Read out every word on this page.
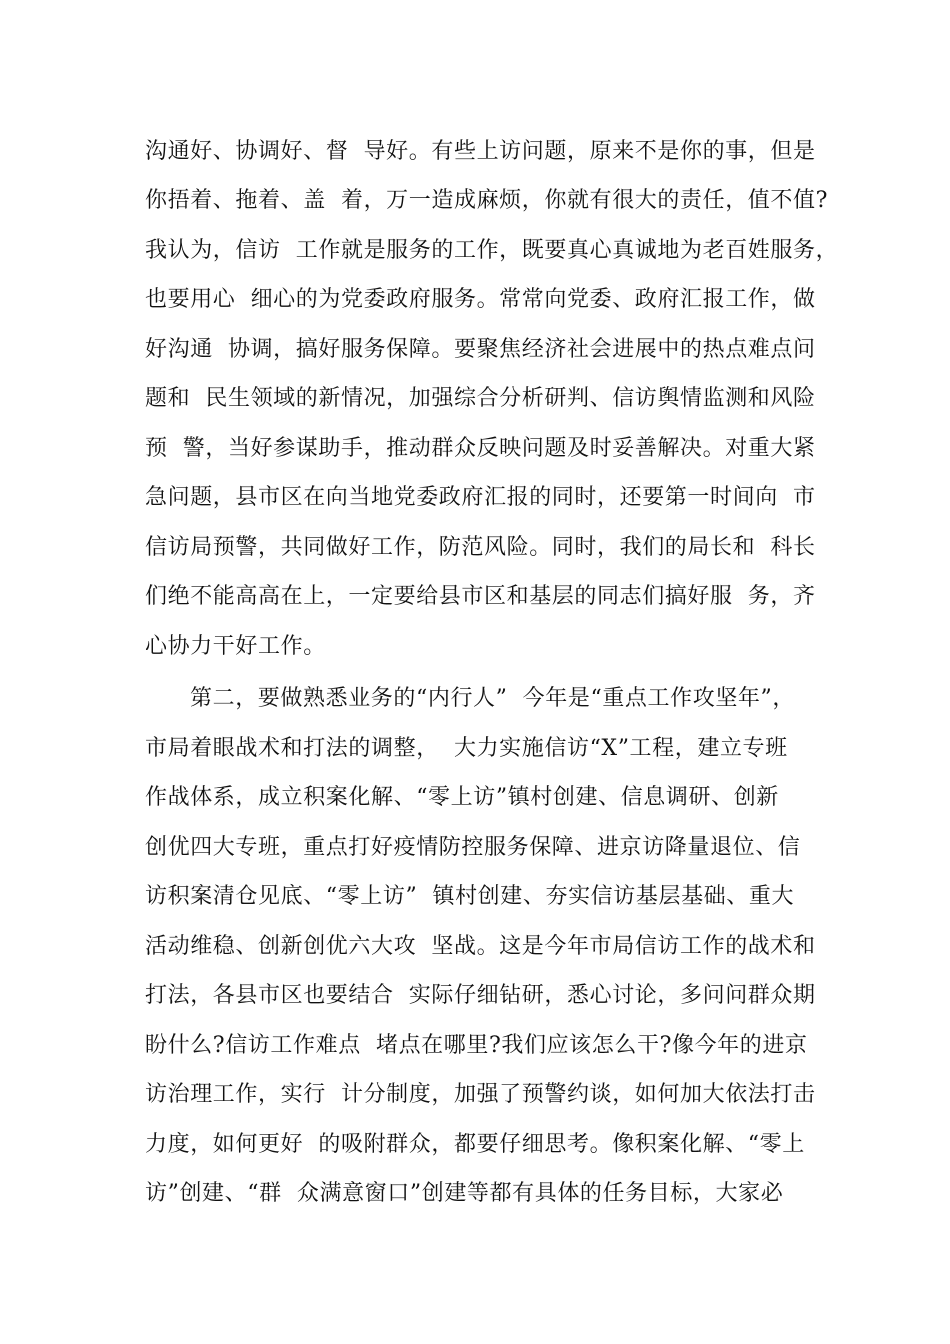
沟通好、协调好、督  导好。有些上访问题，原来不是你的事，但是
你捂着、拖着、盖  着，万一造成麻烦，你就有很大的责任，值不值?
我认为，信访  工作就是服务的工作，既要真心真诚地为老百姓服务，
也要用心  细心的为党委政府服务。常常向党委、政府汇报工作，做
好沟通  协调，搞好服务保障。要聚焦经济社会进展中的热点难点问
题和  民生领域的新情况，加强综合分析研判、信访舆情监测和风险
预  警，当好参谋助手，推动群众反映问题及时妥善解决。对重大紧
急问题，县市区在向当地党委政府汇报的同时，还要第一时间向  市
信访局预警，共同做好工作，防范风险。同时，我们的局长和  科长
们绝不能高高在上，一定要给县市区和基层的同志们搞好服  务，齐
心协力干好工作。
第二，要做熟悉业务的“内行人”  今年是“重点工作攻坚年”，
市局着眼战术和打法的调整，  大力实施信访“X”工程，建立专班
作战体系，成立积案化解、“零上访”镇村创建、信息调研、创新
创优四大专班，重点打好疫情防控服务保障、进京访降量退位、信
访积案清仓见底、“零上访”  镇村创建、夯实信访基层基础、重大
活动维稳、创新创优六大攻  坚战。这是今年市局信访工作的战术和
打法，各县市区也要结合  实际仔细钻研，悉心讨论，多问问群众期
盼什么?信访工作难点  堵点在哪里?我们应该怎么干?像今年的进京
访治理工作，实行  计分制度，加强了预警约谈，如何加大依法打击
力度，如何更好  的吸附群众，都要仔细思考。像积案化解、“零上
访”创建、“群  众满意窗口”创建等都有具体的任务目标，大家必
